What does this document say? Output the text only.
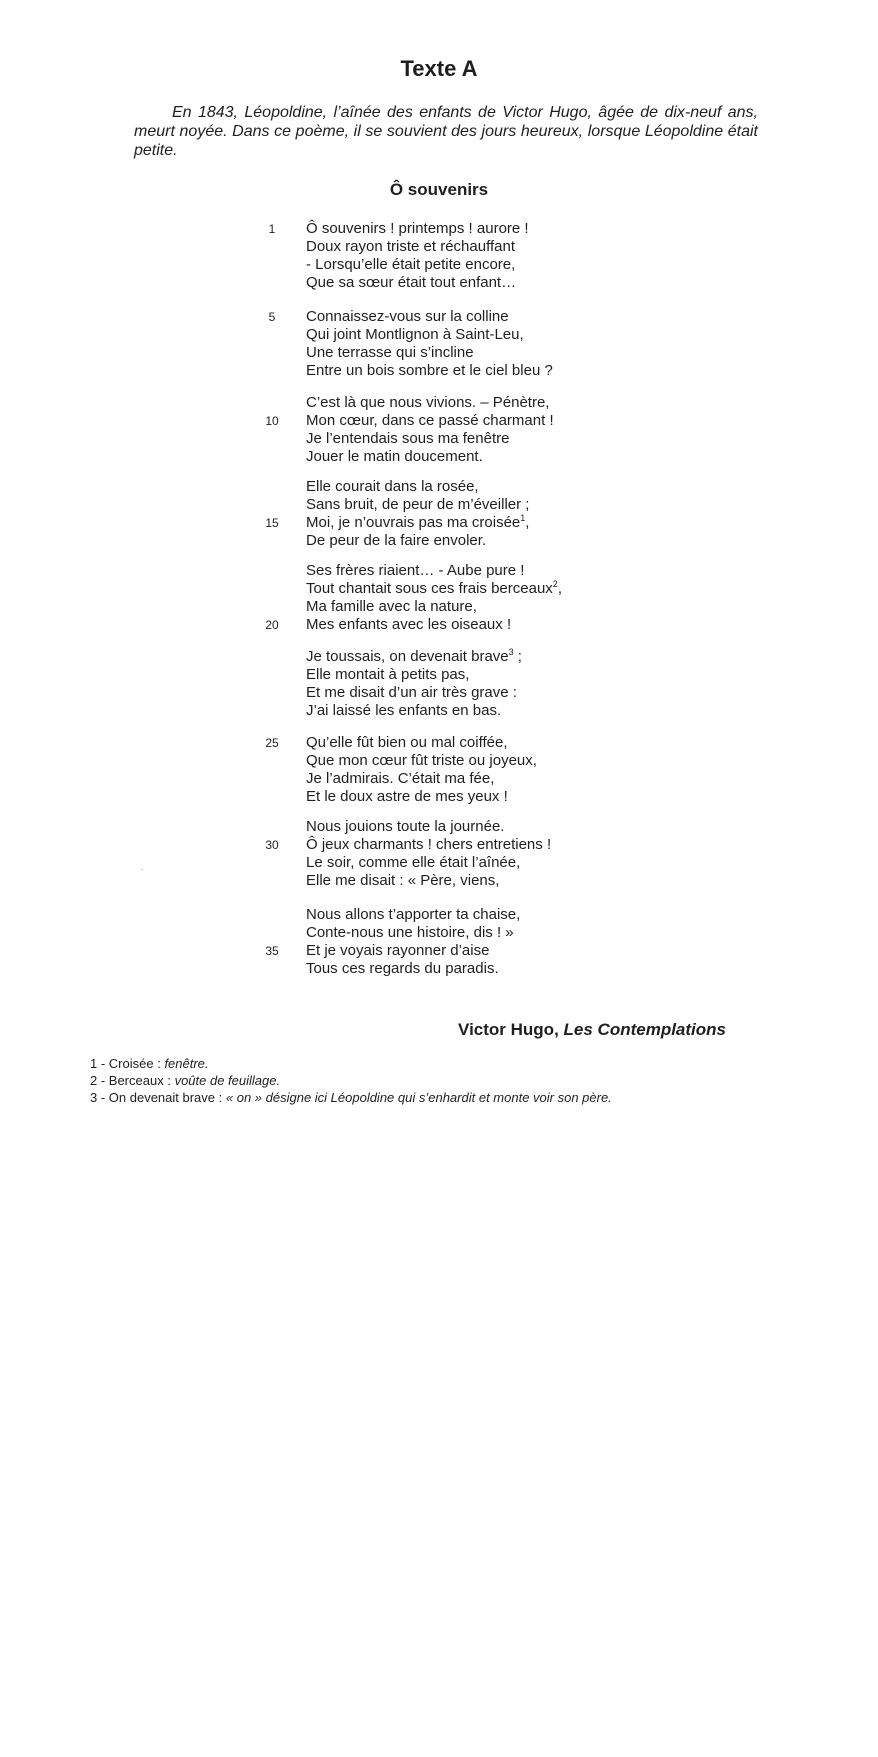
Texte A

En 1843, Léopoldine, l’aînée des enfants de Victor Hugo, âgée de dix-neuf ans, meurt noyée. Dans ce poème, il se souvient des jours heureux, lorsque Léopoldine était petite.

Ô souvenirs
1	Ô souvenirs ! printemps ! aurore !
Doux rayon triste et réchauffant
- Lorsqu’elle était petite encore,
Que sa sœur était tout enfant…
5	Connaissez-vous sur la colline
Qui joint Montlignon à Saint-Leu,
Une terrasse qui s’incline
Entre un bois sombre et le ciel bleu ?
C’est là que nous vivions. – Pénètre,
10	Mon cœur, dans ce passé charmant !
Je l’entendais sous ma fenêtre
Jouer le matin doucement.
Elle courait dans la rosée,
Sans bruit, de peur de m’éveiller ;
15	Moi, je n’ouvrais pas ma croisée$^1$,
De peur de la faire envoler.
Ses frères riaient… - Aube pure !
Tout chantait sous ces frais berceaux$^2$,
Ma famille avec la nature,
20	Mes enfants avec les oiseaux !
Je toussais, on devenait brave$^3$ ;
Elle montait à petits pas,
Et me disait d’un air très grave :
J’ai laissé les enfants en bas.
25	Qu’elle fût bien ou mal coiffée,
Que mon cœur fût triste ou joyeux,
Je l’admirais. C’était ma fée,
Et le doux astre de mes yeux !
Nous jouions toute la journée.
30	Ô jeux charmants ! chers entretiens !
Le soir, comme elle était l’aînée,
Elle me disait : « Père, viens,
Nous allons t’apporter ta chaise,
Conte-nous une histoire, dis ! »
35	Et je voyais rayonner d’aise
Tous ces regards du paradis.

Victor Hugo, Les Contemplations

1 - Croisée : fenêtre.
2 - Berceaux : voûte de feuillage.
3 - On devenait brave : « on » désigne ici Léopoldine qui s’enhardit et monte voir son père.
